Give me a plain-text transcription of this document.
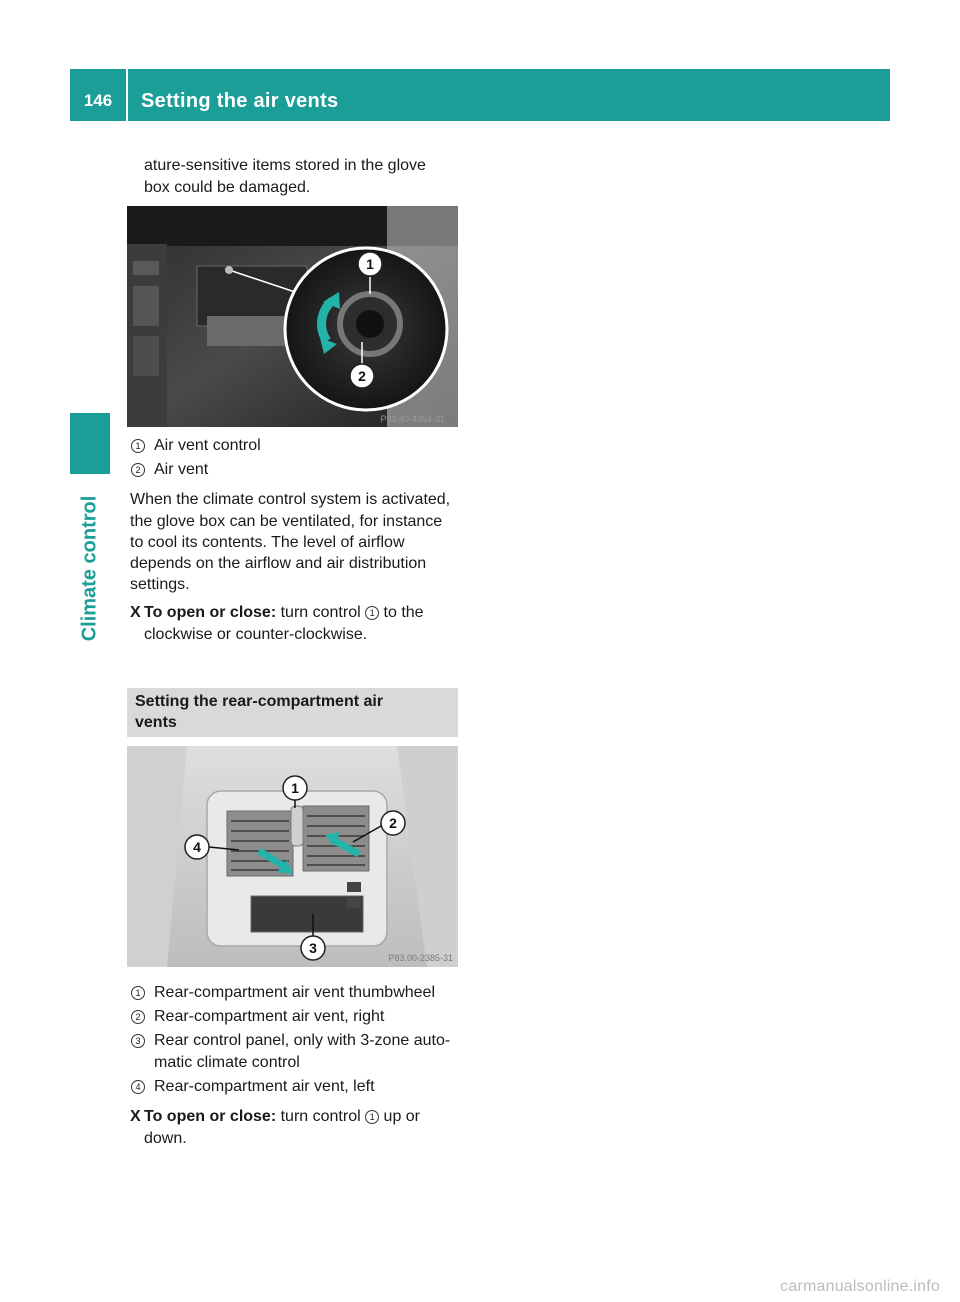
146	Setting the air vents
Climate control
ature-sensitive items stored in the glove
box could be damaged.
1
2
P83.40-4954-31
1 Air vent control
2 Air vent
When the climate control system is activated,
the glove box can be ventilated, for instance
to cool its contents. The level of airflow
depends on the airflow and air distribution
settings.
X To open or close: turn control 1 to the
clockwise or counter-clockwise.
Setting the rear-compartment air
vents
1
2
3
4
P83.00-2385-31
1 Rear-compartment air vent thumbwheel
2 Rear-compartment air vent, right
3 Rear control panel, only with 3-zone auto-
matic climate control
4 Rear-compartment air vent, left
X To open or close: turn control 1 up or
down.
carmanualsonline.info
